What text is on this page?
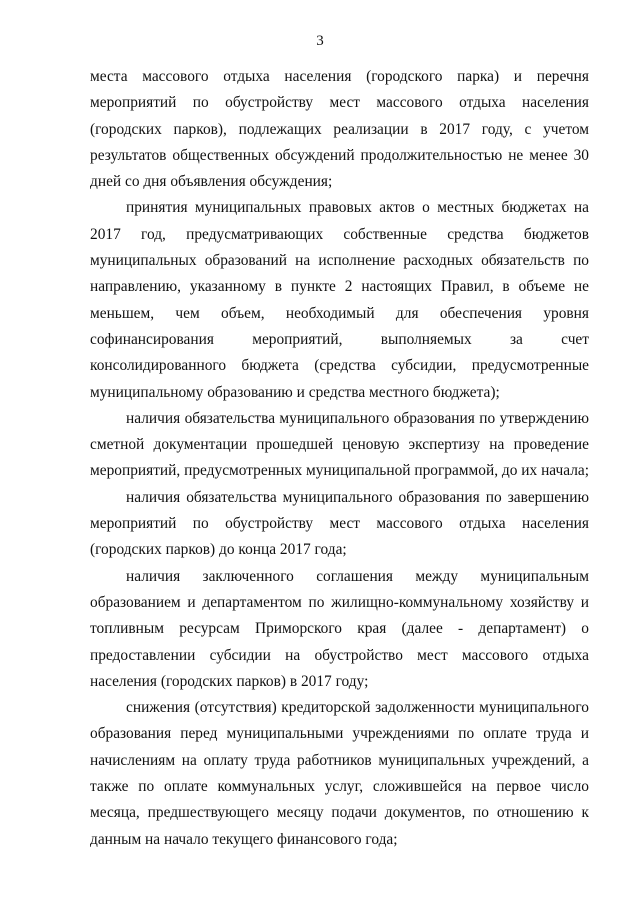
3

места массового отдыха населения (городского парка) и перечня мероприятий по обустройству мест массового отдыха населения (городских парков), подлежащих реализации в 2017 году, с учетом результатов общественных обсуждений продолжительностью не менее 30 дней со дня объявления обсуждения;

принятия муниципальных правовых актов о местных бюджетах на 2017 год, предусматривающих собственные средства бюджетов муниципальных образований на исполнение расходных обязательств по направлению, указанному в пункте 2 настоящих Правил, в объеме не меньшем, чем объем, необходимый для обеспечения уровня софинансирования мероприятий, выполняемых за счет консолидированного бюджета (средства субсидии, предусмотренные муниципальному образованию и средства местного бюджета);

наличия обязательства муниципального образования по утверждению сметной документации прошедшей ценовую экспертизу на проведение мероприятий, предусмотренных муниципальной программой, до их начала;

наличия обязательства муниципального образования по завершению мероприятий по обустройству мест массового отдыха населения (городских парков) до конца 2017 года;

наличия заключенного соглашения между муниципальным образованием и департаментом по жилищно-коммунальному хозяйству и топливным ресурсам Приморского края (далее - департамент) о предоставлении субсидии на обустройство мест массового отдыха населения (городских парков) в 2017 году;

снижения (отсутствия) кредиторской задолженности муниципального образования перед муниципальными учреждениями по оплате труда и начислениям на оплату труда работников муниципальных учреждений, а также по оплате коммунальных услуг, сложившейся на первое число месяца, предшествующего месяцу подачи документов, по отношению к данным на начало текущего финансового года;
